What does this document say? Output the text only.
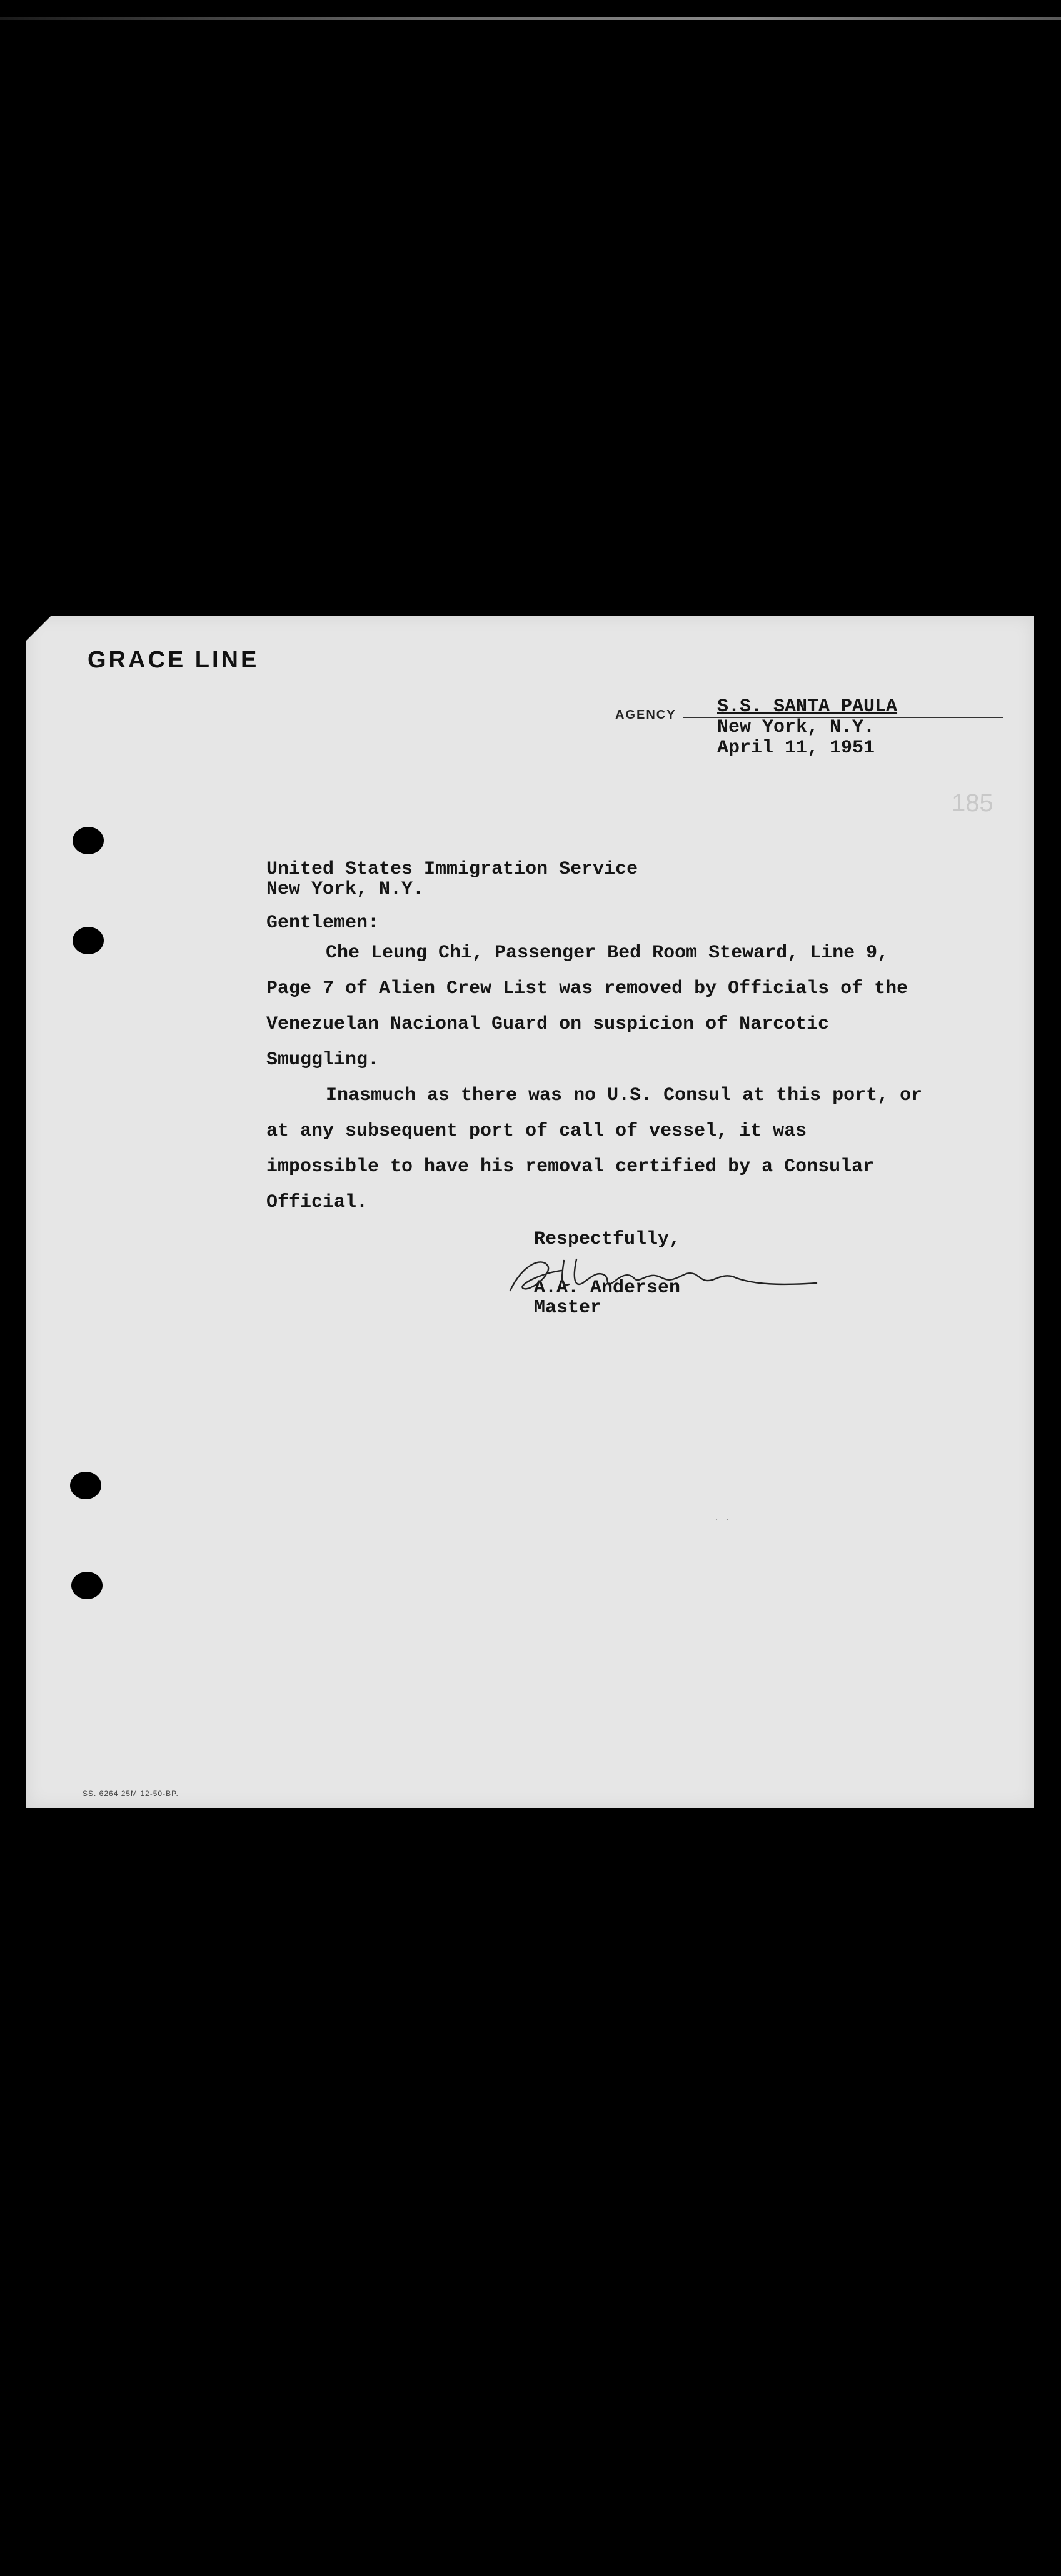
GRACE LINE
AGENCY S.S. SANTA PAULA
New York, N.Y.
April 11, 1951
185
United States Immigration Service
New York, N.Y.
Gentlemen:

Che Leung Chi, Passenger Bed Room Steward, Line 9, Page 7 of Alien Crew List was removed by Officials of the Venezuelan Nacional Guard on suspicion of Narcotic Smuggling.

Inasmuch as there was no U.S. Consul at this port, or at any subsequent port of call of vessel, it was impossible to have his removal certified by a Consular Official.

Respectfully,
A.A. Andersen
Master
· ·
SS. 6264 25M 12-50-BP.
